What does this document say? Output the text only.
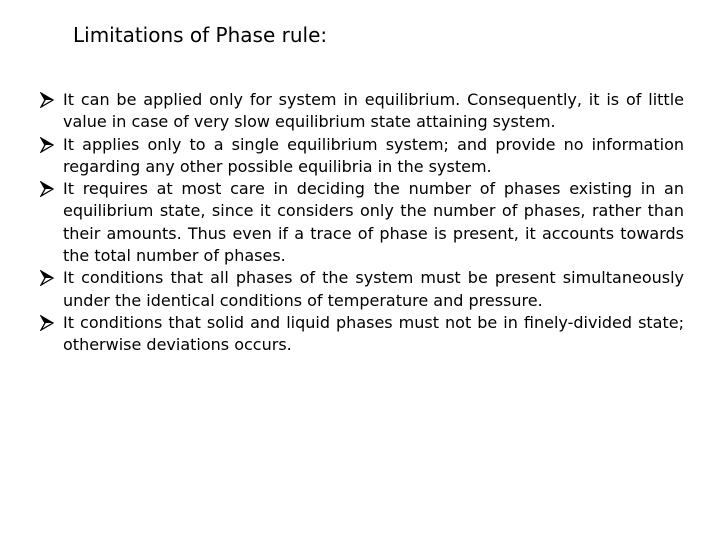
Limitations of Phase rule:
It can be applied only for system in equilibrium. Consequently, it is of little value in case of very slow equilibrium state attaining system.
It applies only to a single equilibrium system; and provide no information regarding any other possible equilibria in the system.
It requires at most care in deciding the number of phases existing in an equilibrium state, since it considers only the number of phases, rather than their amounts. Thus even if a trace of phase is present, it accounts towards the total number of phases.
It conditions that all phases of the system must be present simultaneously under the identical conditions of temperature and pressure.
It conditions that solid and liquid phases must not be in finely-divided state; otherwise deviations occurs.
